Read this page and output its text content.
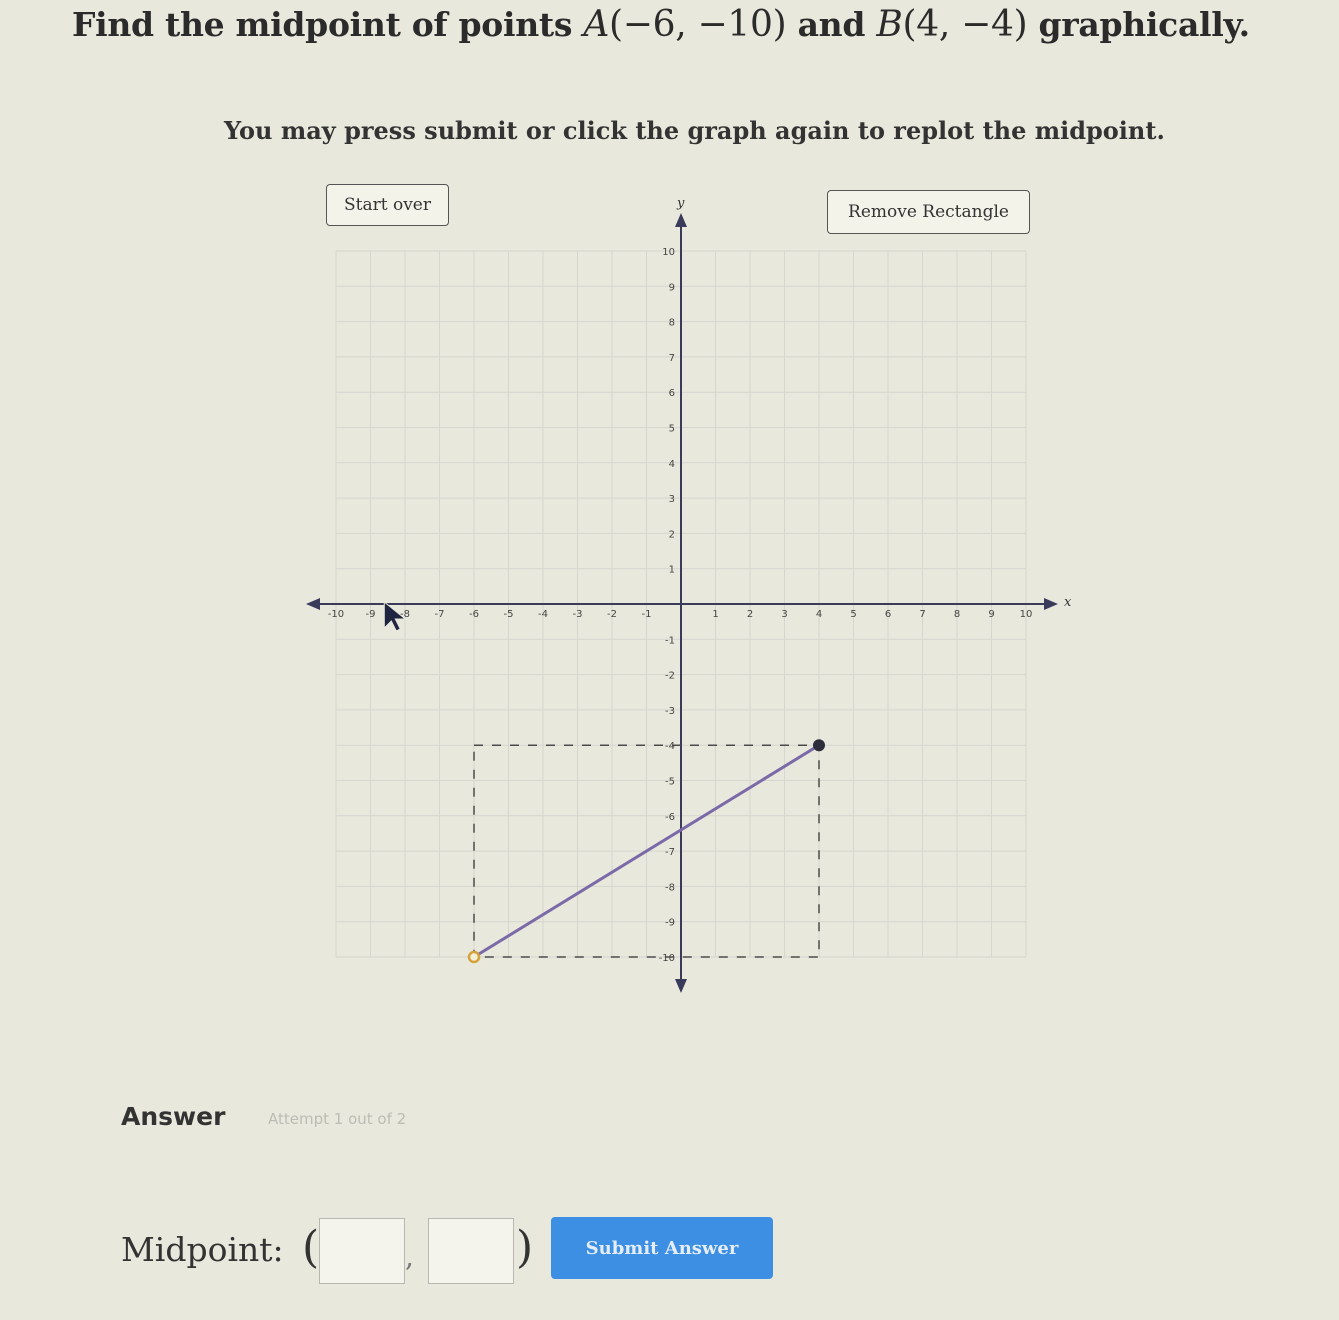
Find the midpoint of points A(−6, −10) and B(4, −4) graphically.
You may press submit or click the graph again to replot the midpoint.
x
y
-10 -9 -8 -7 -6 -5 -4 -3 -2 -1	1	2	3	4	5	6	7	8	9 10
-10
-9
-8
-7
-6
-5
-4
-3
-2
-1
1
2
3
4
5
6
7
8
9
10
Start over	Remove Rectangle
Answer	Attempt 1 out of 2
Midpoint: (	, )	Submit Answer
